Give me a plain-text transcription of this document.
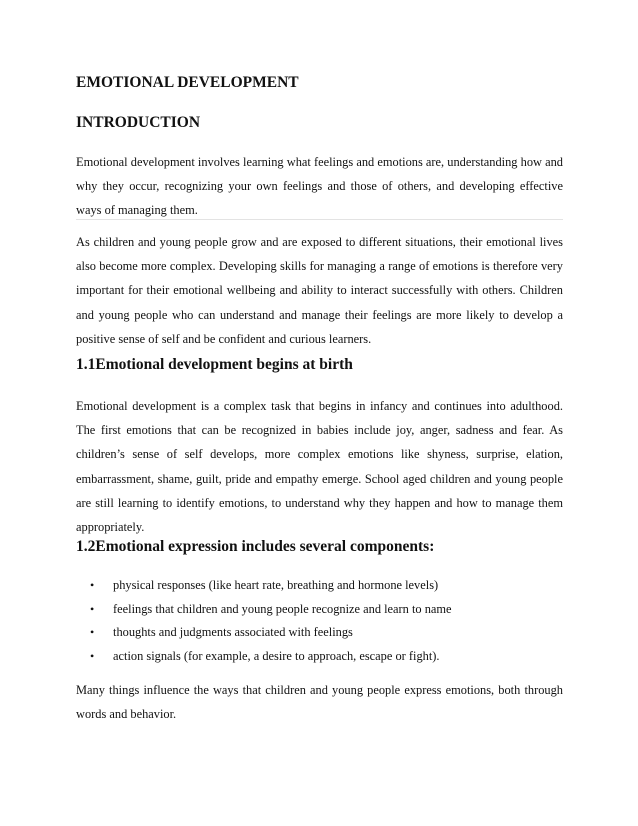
EMOTIONAL DEVELOPMENT
INTRODUCTION

Emotional development involves learning what feelings and emotions are, understanding how and why they occur, recognizing your own feelings and those of others, and developing effective ways of managing them.

As children and young people grow and are exposed to different situations, their emotional lives also become more complex. Developing skills for managing a range of emotions is therefore very important for their emotional wellbeing and ability to interact successfully with others. Children and young people who can understand and manage their feelings are more likely to develop a positive sense of self and be confident and curious learners.

1.1Emotional development begins at birth

Emotional development is a complex task that begins in infancy and continues into adulthood. The first emotions that can be recognized in babies include joy, anger, sadness and fear. As children’s sense of self develops, more complex emotions like shyness, surprise, elation, embarrassment, shame, guilt, pride and empathy emerge. School aged children and young people are still learning to identify emotions, to understand why they happen and how to manage them appropriately.

1.2Emotional expression includes several components:
• physical responses (like heart rate, breathing and hormone levels)
• feelings that children and young people recognize and learn to name
• thoughts and judgments associated with feelings
• action signals (for example, a desire to approach, escape or fight).

Many things influence the ways that children and young people express emotions, both through words and behavior.
